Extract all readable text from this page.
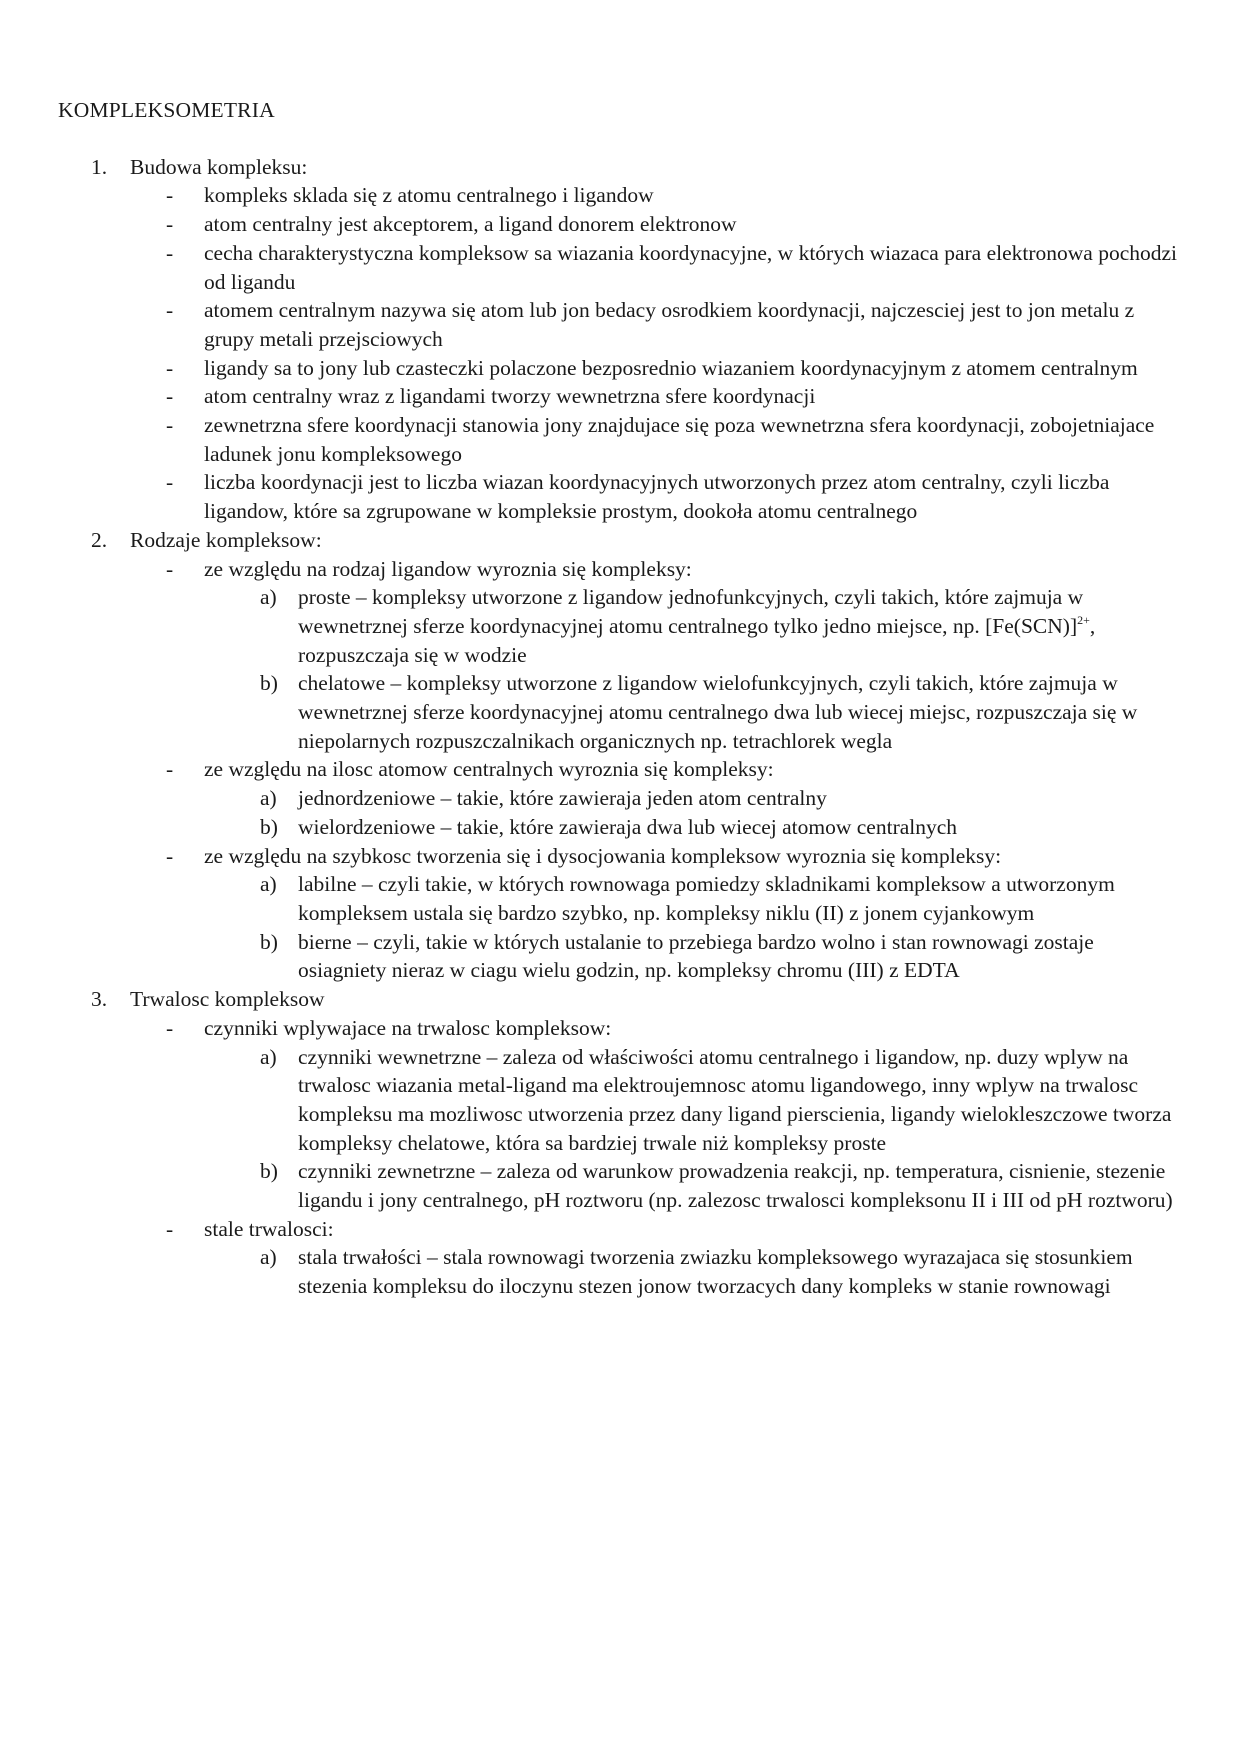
KOMPLEKSOMETRIA
1. Budowa kompleksu:
- kompleks sklada się z atomu centralnego i ligandow
- atom centralny jest akceptorem, a ligand donorem elektronow
- cecha charakterystyczna kompleksow sa wiazania koordynacyjne, w których wiazaca para elektronowa pochodzi od ligandu
- atomem centralnym nazywa się atom lub jon bedacy osrodkiem koordynacji, najczesciej jest to jon metalu z grupy metali przejsciowych
- ligandy sa to jony lub czasteczki polaczone bezposrednio wiazaniem koordynacyjnym z atomem centralnym
- atom centralny wraz z ligandami tworzy wewnetrzna sfere koordynacji
- zewnetrzna sfere koordynacji stanowia jony znajdujace się poza wewnetrzna sfera koordynacji, zobojetniajace ladunek jonu kompleksowego
- liczba koordynacji jest to liczba wiazan koordynacyjnych utworzonych przez atom centralny, czyli liczba ligandow, które sa zgrupowane w kompleksie prostym, dookoła atomu centralnego
2. Rodzaje kompleksow:
- ze względu na rodzaj ligandow wyroznia się kompleksy:
a) proste – kompleksy utworzone z ligandow jednofunkcyjnych, czyli takich, które zajmuja w wewnetrznej sferze koordynacyjnej atomu centralnego tylko jedno miejsce, np. $[Fe(SCN)]^{2+}$, rozpuszczaja się w wodzie
b) chelatowe – kompleksy utworzone z ligandow wielofunkcyjnych, czyli takich, które zajmuja w wewnetrznej sferze koordynacyjnej atomu centralnego dwa lub wiecej miejsc, rozpuszczaja się w niepolarnych rozpuszczalnikach organicznych np. tetrachlorek wegla
- ze względu na ilosc atomow centralnych wyroznia się kompleksy:
a) jednordzeniowe – takie, które zawieraja jeden atom centralny
b) wielordzeniowe – takie, które zawieraja dwa lub wiecej atomow centralnych
- ze względu na szybkosc tworzenia się i dysocjowania kompleksow wyroznia się kompleksy:
a) labilne – czyli takie, w których rownowaga pomiedzy skladnikami kompleksow a utworzonym kompleksem ustala się bardzo szybko, np. kompleksy niklu (II) z jonem cyjankowym
b) bierne – czyli, takie w których ustalanie to przebiega bardzo wolno i stan rownowagi zostaje osiagniety nieraz w ciagu wielu godzin, np. kompleksy chromu (III) z EDTA
3. Trwalosc kompleksow
- czynniki wplywajace na trwalosc kompleksow:
a) czynniki wewnetrzne – zaleza od właściwości atomu centralnego i ligandow, np. duzy wplyw na trwalosc wiazania metal-ligand ma elektroujemnosc atomu ligandowego, inny wplyw na trwalosc kompleksu ma mozliwosc utworzenia przez dany ligand pierscienia, ligandy wielokleszczowe tworza kompleksy chelatowe, która sa bardziej trwale niż kompleksy proste
b) czynniki zewnetrzne – zaleza od warunkow prowadzenia reakcji, np. temperatura, cisnienie, stezenie ligandu i jony centralnego, pH roztworu (np. zalezosc trwalosci kompleksonu II i III od pH roztworu)
- stale trwalosci:
a) stala trwałości – stala rownowagi tworzenia zwiazku kompleksowego wyrazajaca się stosunkiem stezenia kompleksu do iloczynu stezen jonow tworzacych dany kompleks w stanie rownowagi
